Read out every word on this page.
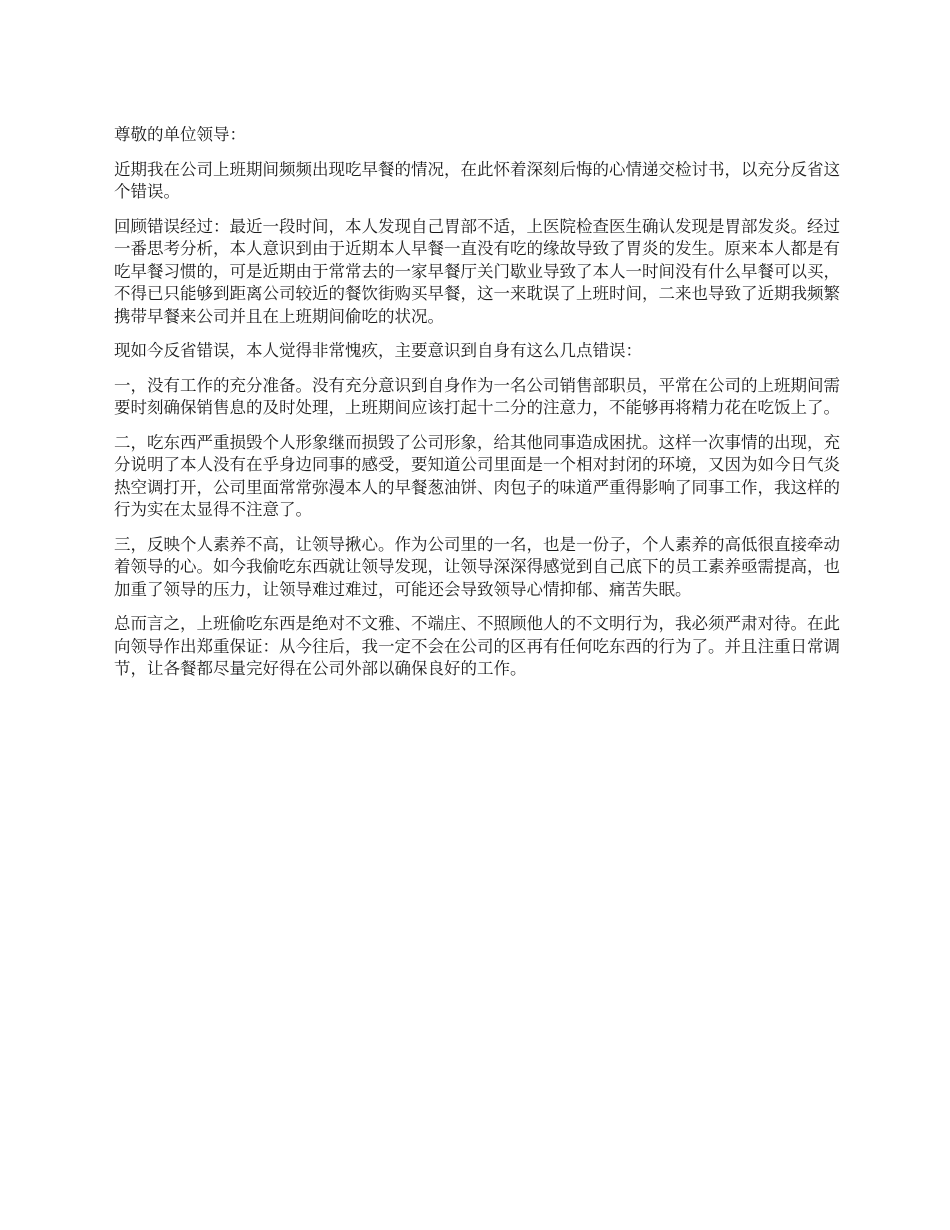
尊敬的单位领导：

近期我在公司上班期间频频出现吃早餐的情况，在此怀着深刻后悔的心情递交检讨书，以充分反省这个错误。

回顾错误经过：最近一段时间，本人发现自己胃部不适，上医院检查医生确认发现是胃部发炎。经过一番思考分析，本人意识到由于近期本人早餐一直没有吃的缘故导致了胃炎的发生。原来本人都是有吃早餐习惯的，可是近期由于常常去的一家早餐厅关门歇业导致了本人一时间没有什么早餐可以买，不得已只能够到距离公司较近的餐饮街购买早餐，这一来耽误了上班时间，二来也导致了近期我频繁携带早餐来公司并且在上班期间偷吃的状况。

现如今反省错误，本人觉得非常愧疚，主要意识到自身有这么几点错误：

一，没有工作的充分准备。没有充分意识到自身作为一名公司销售部职员，平常在公司的上班期间需要时刻确保销售息的及时处理，上班期间应该打起十二分的注意力，不能够再将精力花在吃饭上了。

二，吃东西严重损毁个人形象继而损毁了公司形象，给其他同事造成困扰。这样一次事情的出现，充分说明了本人没有在乎身边同事的感受，要知道公司里面是一个相对封闭的环境，又因为如今日气炎热空调打开，公司里面常常弥漫本人的早餐葱油饼、肉包子的味道严重得影响了同事工作，我这样的行为实在太显得不注意了。

三，反映个人素养不高，让领导揪心。作为公司里的一名，也是一份子，个人素养的高低很直接牵动着领导的心。如今我偷吃东西就让领导发现，让领导深深得感觉到自己底下的员工素养亟需提高，也加重了领导的压力，让领导难过难过，可能还会导致领导心情抑郁、痛苦失眠。

总而言之，上班偷吃东西是绝对不文雅、不端庄、不照顾他人的不文明行为，我必须严肃对待。在此向领导作出郑重保证：从今往后，我一定不会在公司的区再有任何吃东西的行为了。并且注重日常调节，让各餐都尽量完好得在公司外部以确保良好的工作。
